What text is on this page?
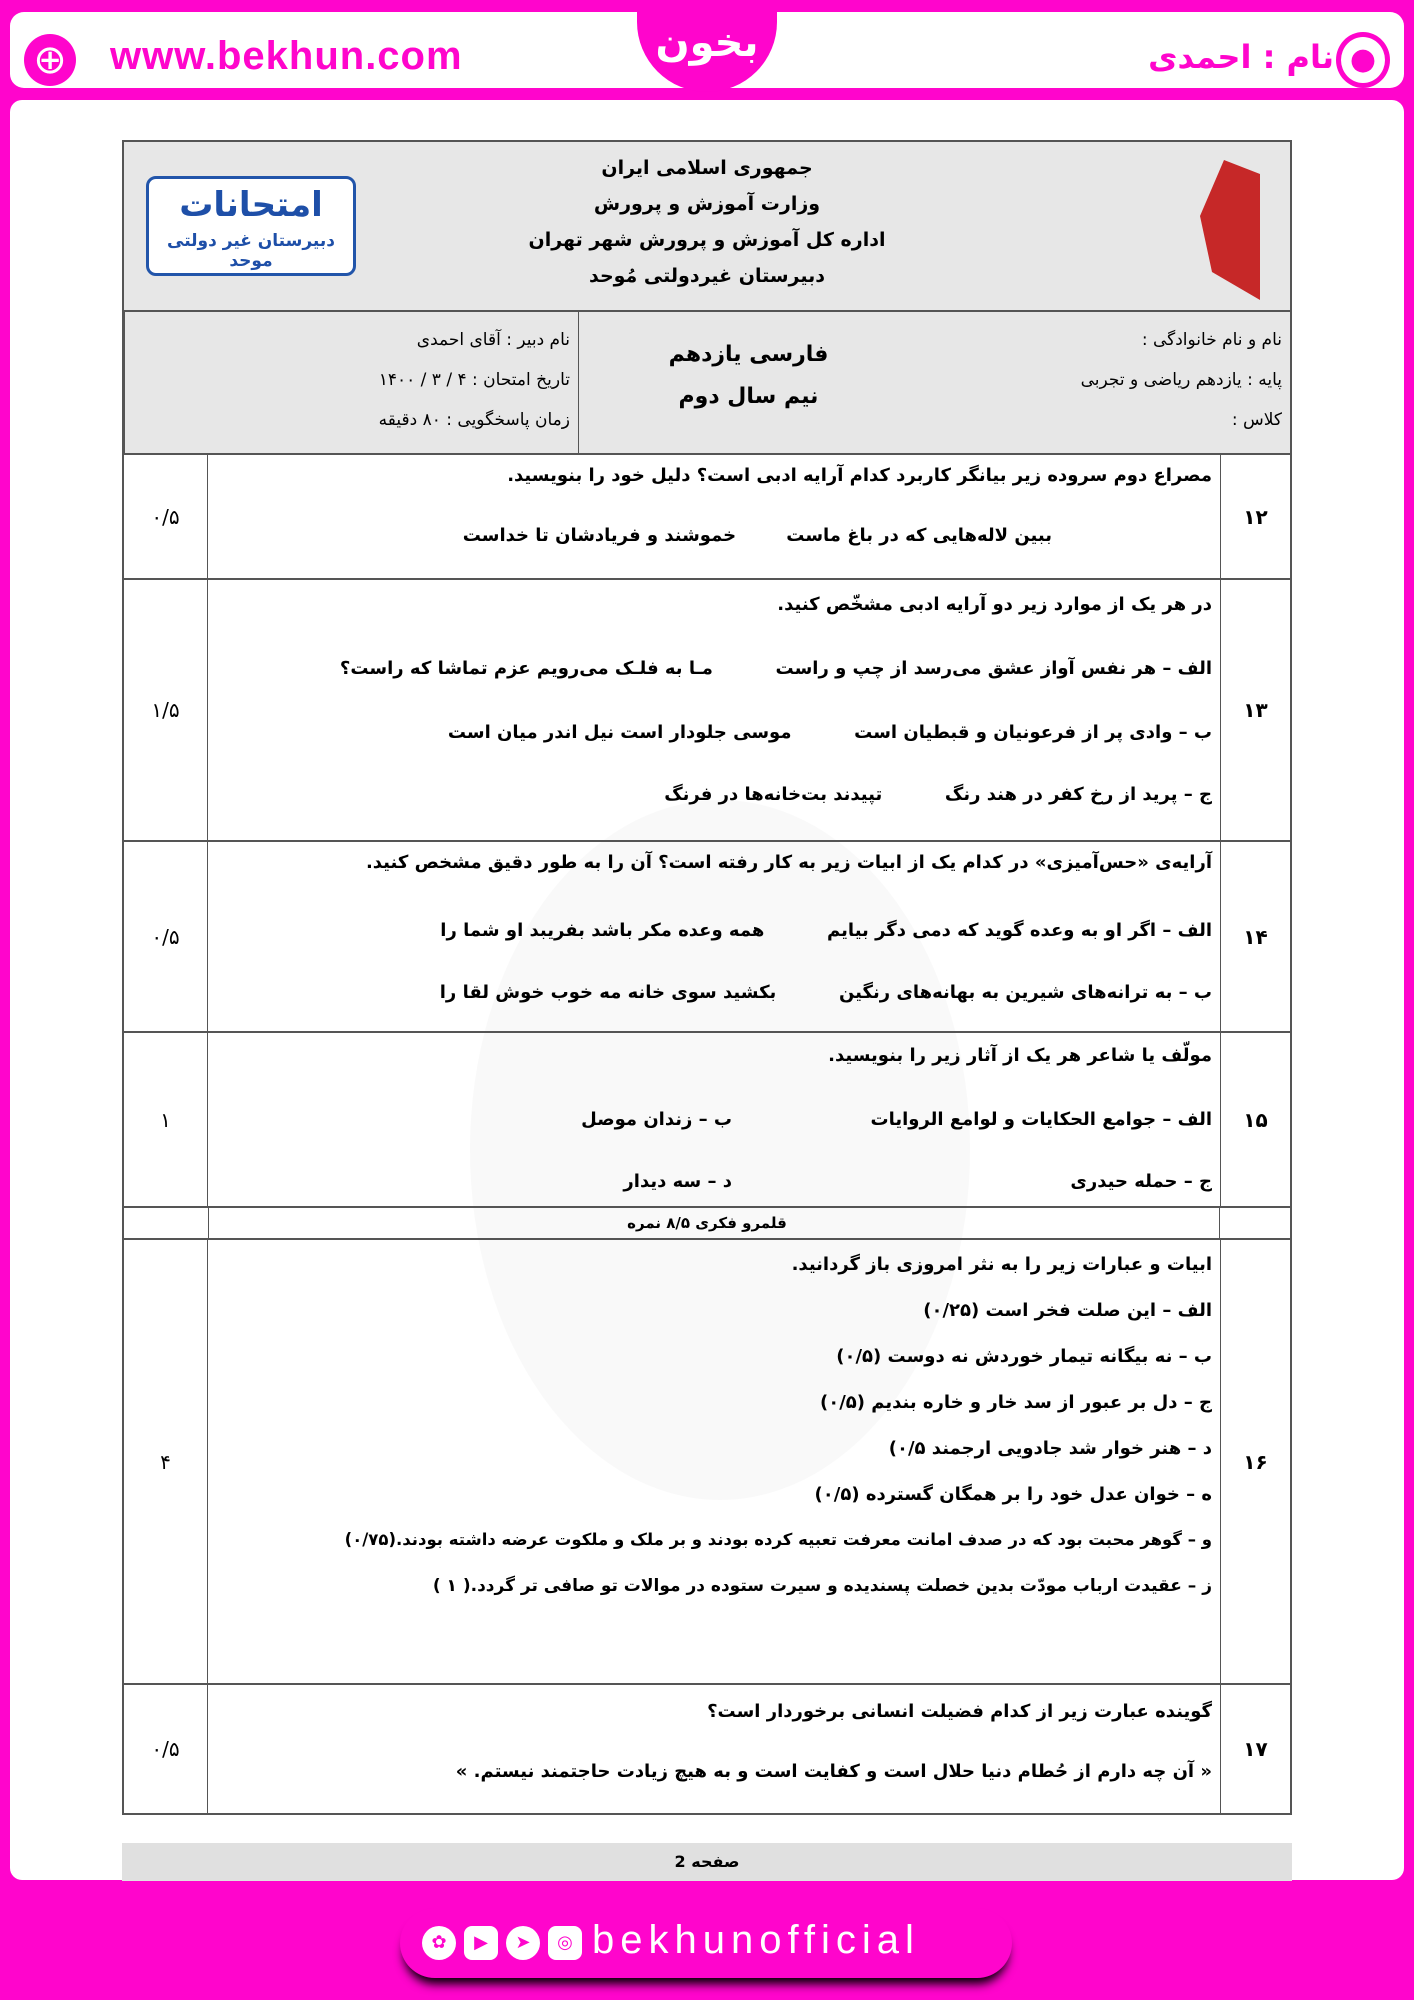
⊕ www.bekhun.com	●
نام : احمدی
بخون
امتحانات
دبیرستان غیر دولتی موحد
جمهوری اسلامی ایران
وزارت آموزش و پرورش
اداره کل آموزش و پرورش شهر تهران
دبیرستان غیردولتی مُوحد
نام و نام خانوادگی :
پایه : یازدهم ریاضی و تجربی
کلاس :
فارسی یازدهم
نیم سال دوم
نام دبیر : آقای احمدی
تاریخ امتحان : ۴ / ۳ / ۱۴۰۰
زمان پاسخگویی : ۸۰ دقیقه
۱۲
۰/۵
مصراع دوم سروده زیر بیانگر کاربرد کدام آرایه ادبی است؟ دلیل خود را بنویسید.
ببین لاله‌هایی که در باغ ماست        خموشند و فریادشان تا خداست
۱۳
۱/۵
در هر یک از موارد زیر دو آرایه ادبی مشخّص کنید.
الف – هر نفس آواز عشق می‌رسد از چپ و راست          مـا به فلـک می‌رویم عزم تماشا که راست؟
ب – وادی پر از فرعونیان و قبطیان است          موسی جلودار است نیل اندر میان است
ج – پرید از رخ کفر در هند رنگ          تپیدند بت‌خانه‌ها در فرنگ
۱۴
۰/۵
آرایه‌ی «حس‌آمیزی» در کدام یک از ابیات زیر به کار رفته است؟ آن را به طور دقیق مشخص کنید.
الف – اگر او به وعده گوید که دمی دگر بیایم          همه وعده مکر باشد بفریبد او شما را
ب – به ترانه‌های شیرین به بهانه‌های رنگین          بکشید سوی خانه مه خوب خوش لقا را
۱۵
۱
مولّف یا شاعر هر یک از آثار زیر را بنویسید.
الف – جوامع الحکایات و لوامع الروایات
ب – زندان موصل
ج – حمله حیدری
د – سه دیدار
قلمرو فکری ۸/۵ نمره
۱۶
۴
ابیات و عبارات زیر را به نثر امروزی باز گردانید.
الف – این صلت فخر است (۰/۲۵)
ب – نه بیگانه تیمار خوردش نه دوست (۰/۵)
ج – دل بر عبور از سد خار و خاره بندیم (۰/۵)
د – هنر خوار شد جادویی ارجمند ۰/۵)
ه – خوان عدل خود را بر همگان گسترده (۰/۵)
و – گوهر محبت بود که در صدف امانت معرفت تعبیه کرده بودند و بر ملک و ملکوت عرضه داشته بودند.(۰/۷۵)
ز – عقیدت ارباب مودّت بدین خصلت پسندیده و سیرت ستوده در موالات تو صافی تر گردد.( ۱ )
۱۷
۰/۵
گوینده عبارت زیر از کدام فضیلت انسانی برخوردار است؟
« آن چه دارم از حُطام دنیا حلال است و کفایت است و به هیچ زیادت حاجتمند نیستم. »
صفحه 2
✿	▶	➤	◎ bekhunofficial
